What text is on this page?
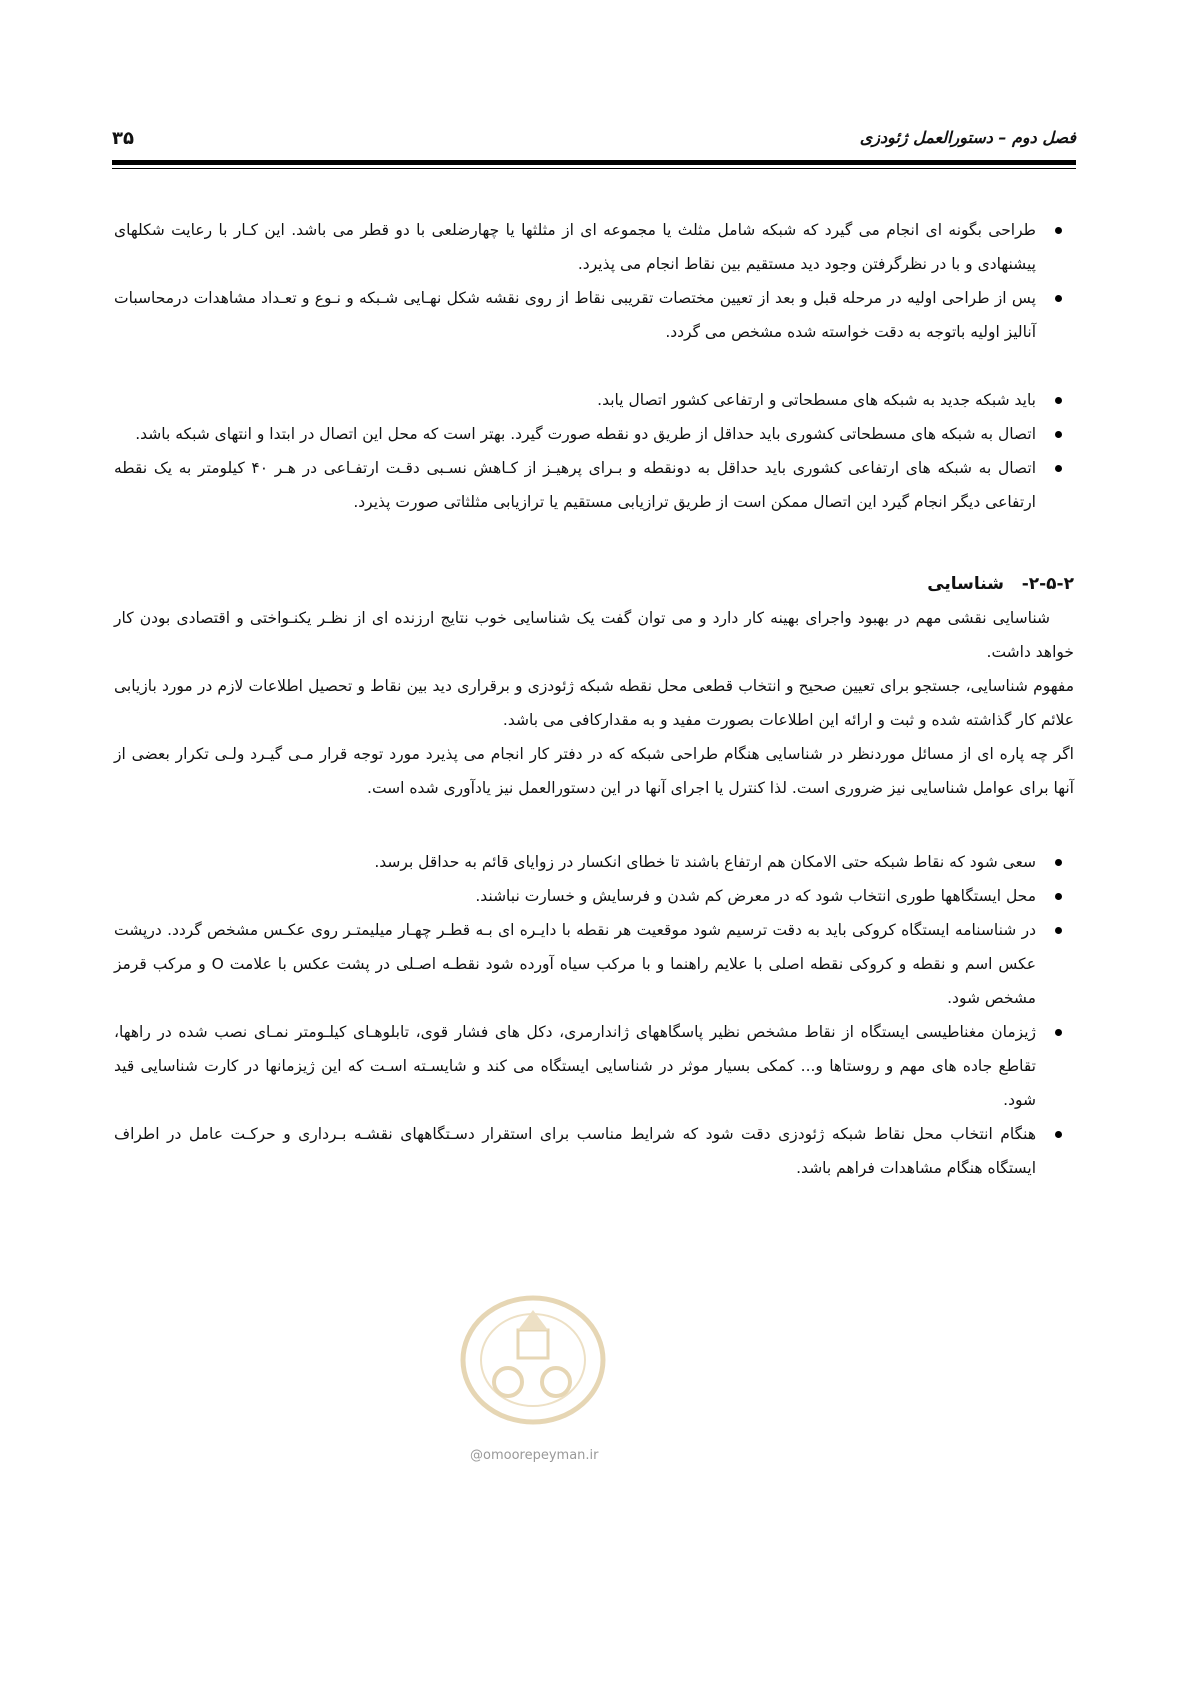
فصل دوم – دستورالعمل ژئودزی
۳۵
طراحی بگونه ای انجام می گیرد که شبکه شامل مثلث یا مجموعه ای از مثلثها یا چهارضلعی با دو قطر می باشد. این کـار با رعایت شکلهای پیشنهادی و با در نظرگرفتن وجود دید مستقیم بین نقاط انجام می پذیرد.
پس از طراحی اولیه در مرحله قبل و بعد از تعیین مختصات تقریبی نقاط از روی نقشه شکل نهـایی شـبکه و نـوع و تعـداد مشاهدات درمحاسبات آنالیز اولیه باتوجه به دقت خواسته شده مشخص می گردد.
باید شبکه جدید به شبکه های مسطحاتی و ارتفاعی کشور اتصال یابد.
اتصال به شبکه های مسطحاتی کشوری باید حداقل از طریق دو نقطه صورت گیرد. بهتر است که محل این اتصال در ابتدا و انتهای شبکه باشد.
اتصال به شبکه های ارتفاعی کشوری باید حداقل به دونقطه و بـرای پرهیـز از کـاهش نسـبی دقـت ارتفـاعی در هـر ۴۰ کیلومتر به یک نقطه ارتفاعی دیگر انجام گیرد این اتصال ممکن است از طریق ترازیابی مستقیم یا ترازیابی مثلثاتی صورت پذیرد.

۲-۵-۲-   شناسایی

شناسایی نقشی مهم در بهبود واجرای بهینه کار دارد و می توان گفت یک شناسایی خوب نتایج ارزنده ای از نظـر یکنـواختی و اقتصادی بودن کار خواهد داشت.

مفهوم شناسایی، جستجو برای تعیین صحیح و انتخاب قطعی محل نقطه شبکه ژئودزی و برقراری دید بین نقاط و تحصیل اطلاعات لازم در مورد بازیابی علائم کار گذاشته شده و ثبت و ارائه این اطلاعات بصورت مفید و به مقدارکافی می باشد.

اگر چه پاره ای از مسائل موردنظر در شناسایی هنگام طراحی شبکه که در دفتر کار انجام می پذیرد مورد توجه قرار مـی گیـرد ولـی تکرار بعضی از آنها برای عوامل شناسایی نیز ضروری است. لذا کنترل یا اجرای آنها در این دستورالعمل نیز یادآوری شده است.

سعی شود که نقاط شبکه حتی الامکان هم ارتفاع باشند تا خطای انکسار در زوایای قائم به حداقل برسد.
محل ایستگاهها طوری انتخاب شود که در معرض کم شدن و فرسایش و خسارت نباشند.
در شناسنامه ایستگاه کروکی باید به دقت ترسیم شود موقعیت هر نقطه با دایـره ای بـه قطـر چهـار میلیمتـر روی عکـس مشخص گردد. درپشت عکس اسم و نقطه و کروکی نقطه اصلی با علایم راهنما و با مرکب سیاه آورده شود نقطـه اصـلی در پشت عکس با علامت O و مرکب قرمز مشخص شود.
ژیزمان مغناطیسی ایستگاه از نقاط مشخص نظیر پاسگاههای ژاندارمری، دکل های فشار قوی، تابلوهـای کیلـومتر نمـای نصب شده در راهها، تقاطع جاده های مهم و روستاها و... کمکی بسیار موثر در شناسایی ایستگاه می کند و شایسـته اسـت که این ژیزمانها در کارت شناسایی قید شود.
هنگام انتخاب محل نقاط شبکه ژئودزی دقت شود که شرایط مناسب برای استقرار دسـتگاههای نقشـه بـرداری و حرکـت عامل در اطراف ایستگاه هنگام مشاهدات فراهم باشد.
@omoorepeyman.ir
